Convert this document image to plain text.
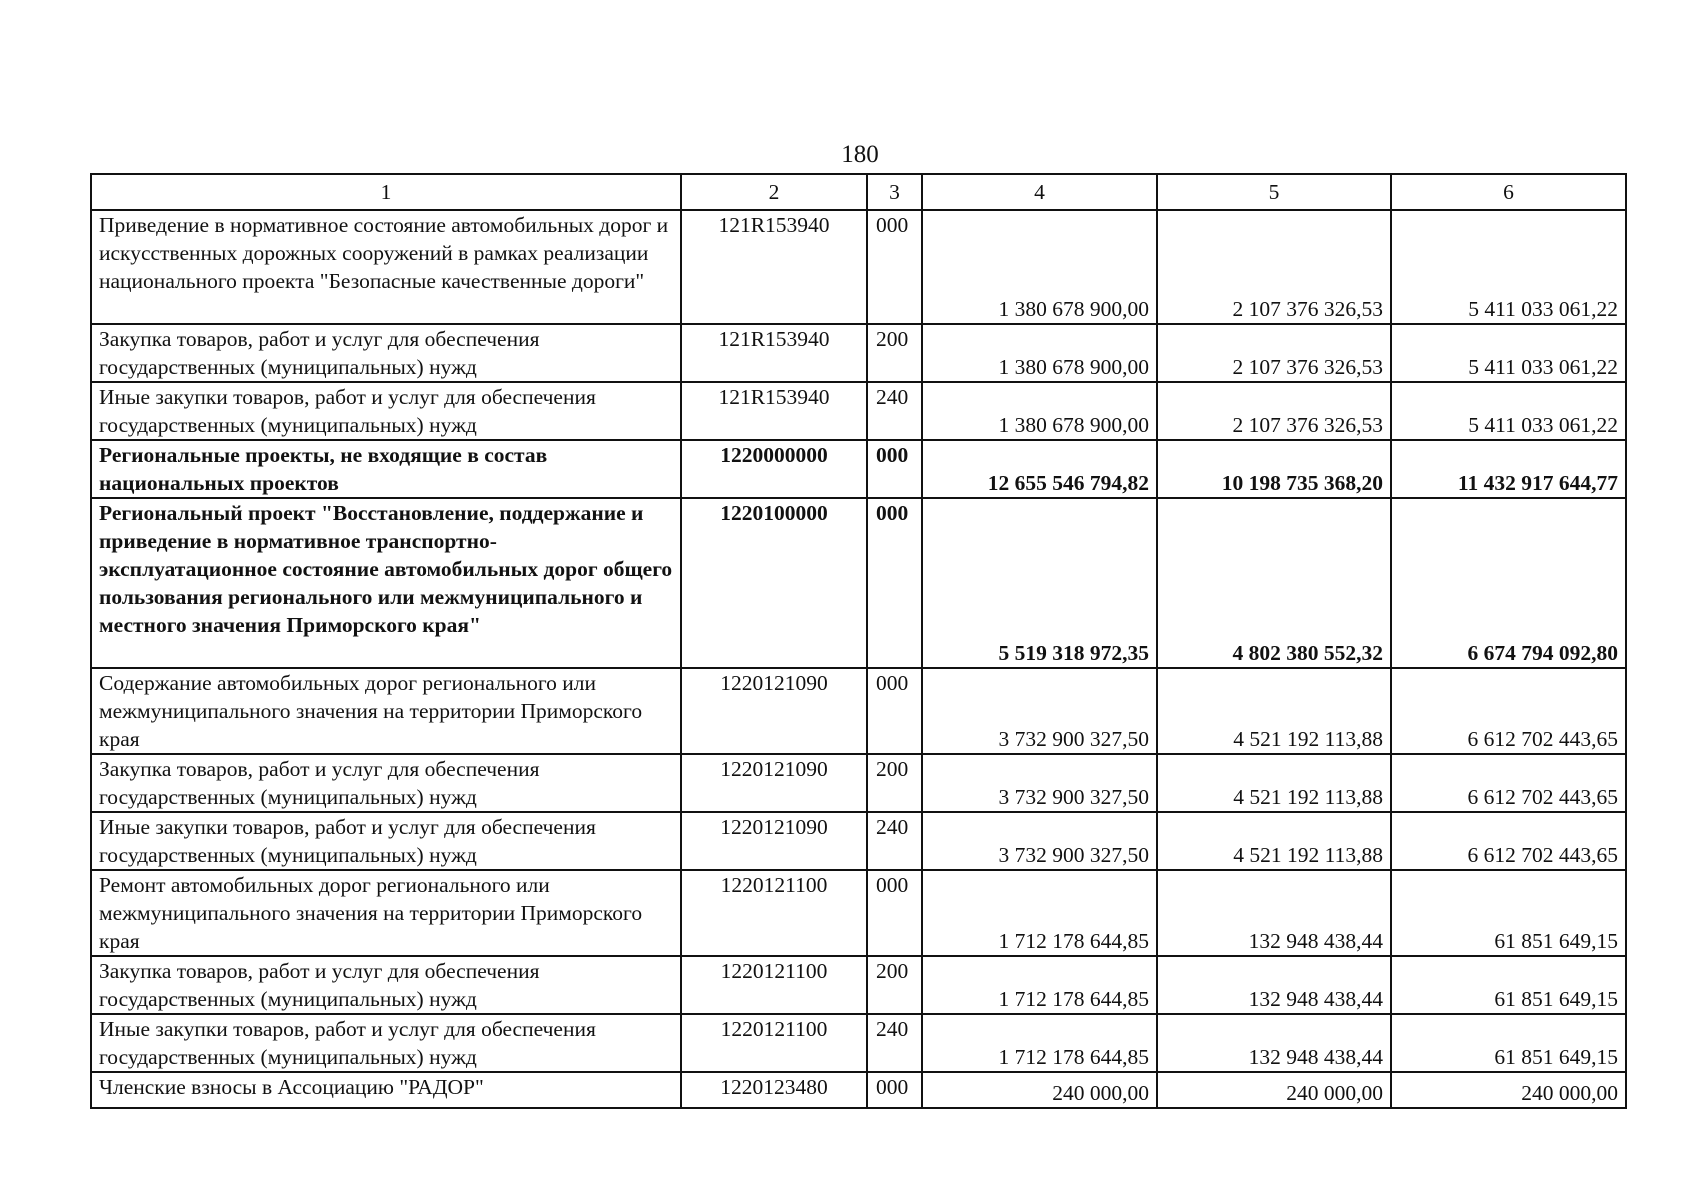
180
1	2	3	4	5	6
Приведение в нормативное состояние автомобильных дорог и искусственных дорожных сооружений в рамках реализации национального проекта "Безопасные качественные дороги"	121R153940	000	1 380 678 900,00	2 107 376 326,53	5 411 033 061,22
Закупка товаров, работ и услуг для обеспечения государственных (муниципальных) нужд	121R153940	200	1 380 678 900,00	2 107 376 326,53	5 411 033 061,22
Иные закупки товаров, работ и услуг для обеспечения государственных (муниципальных) нужд	121R153940	240	1 380 678 900,00	2 107 376 326,53	5 411 033 061,22
Региональные проекты, не входящие в состав национальных проектов	1220000000	000	12 655 546 794,82	10 198 735 368,20	11 432 917 644,77
Региональный проект "Восстановление, поддержание и приведение в нормативное транспортно-эксплуатационное состояние автомобильных дорог общего пользования регионального или межмуниципального и местного значения Приморского края"	1220100000	000	5 519 318 972,35	4 802 380 552,32	6 674 794 092,80
Содержание автомобильных дорог регионального или межмуниципального значения на территории Приморского края	1220121090	000	3 732 900 327,50	4 521 192 113,88	6 612 702 443,65
Закупка товаров, работ и услуг для обеспечения государственных (муниципальных) нужд	1220121090	200	3 732 900 327,50	4 521 192 113,88	6 612 702 443,65
Иные закупки товаров, работ и услуг для обеспечения государственных (муниципальных) нужд	1220121090	240	3 732 900 327,50	4 521 192 113,88	6 612 702 443,65
Ремонт автомобильных дорог регионального или межмуниципального значения на территории Приморского края	1220121100	000	1 712 178 644,85	132 948 438,44	61 851 649,15
Закупка товаров, работ и услуг для обеспечения государственных (муниципальных) нужд	1220121100	200	1 712 178 644,85	132 948 438,44	61 851 649,15
Иные закупки товаров, работ и услуг для обеспечения государственных (муниципальных) нужд	1220121100	240	1 712 178 644,85	132 948 438,44	61 851 649,15
Членские взносы в Ассоциацию "РАДОР"	1220123480	000	240 000,00	240 000,00	240 000,00
